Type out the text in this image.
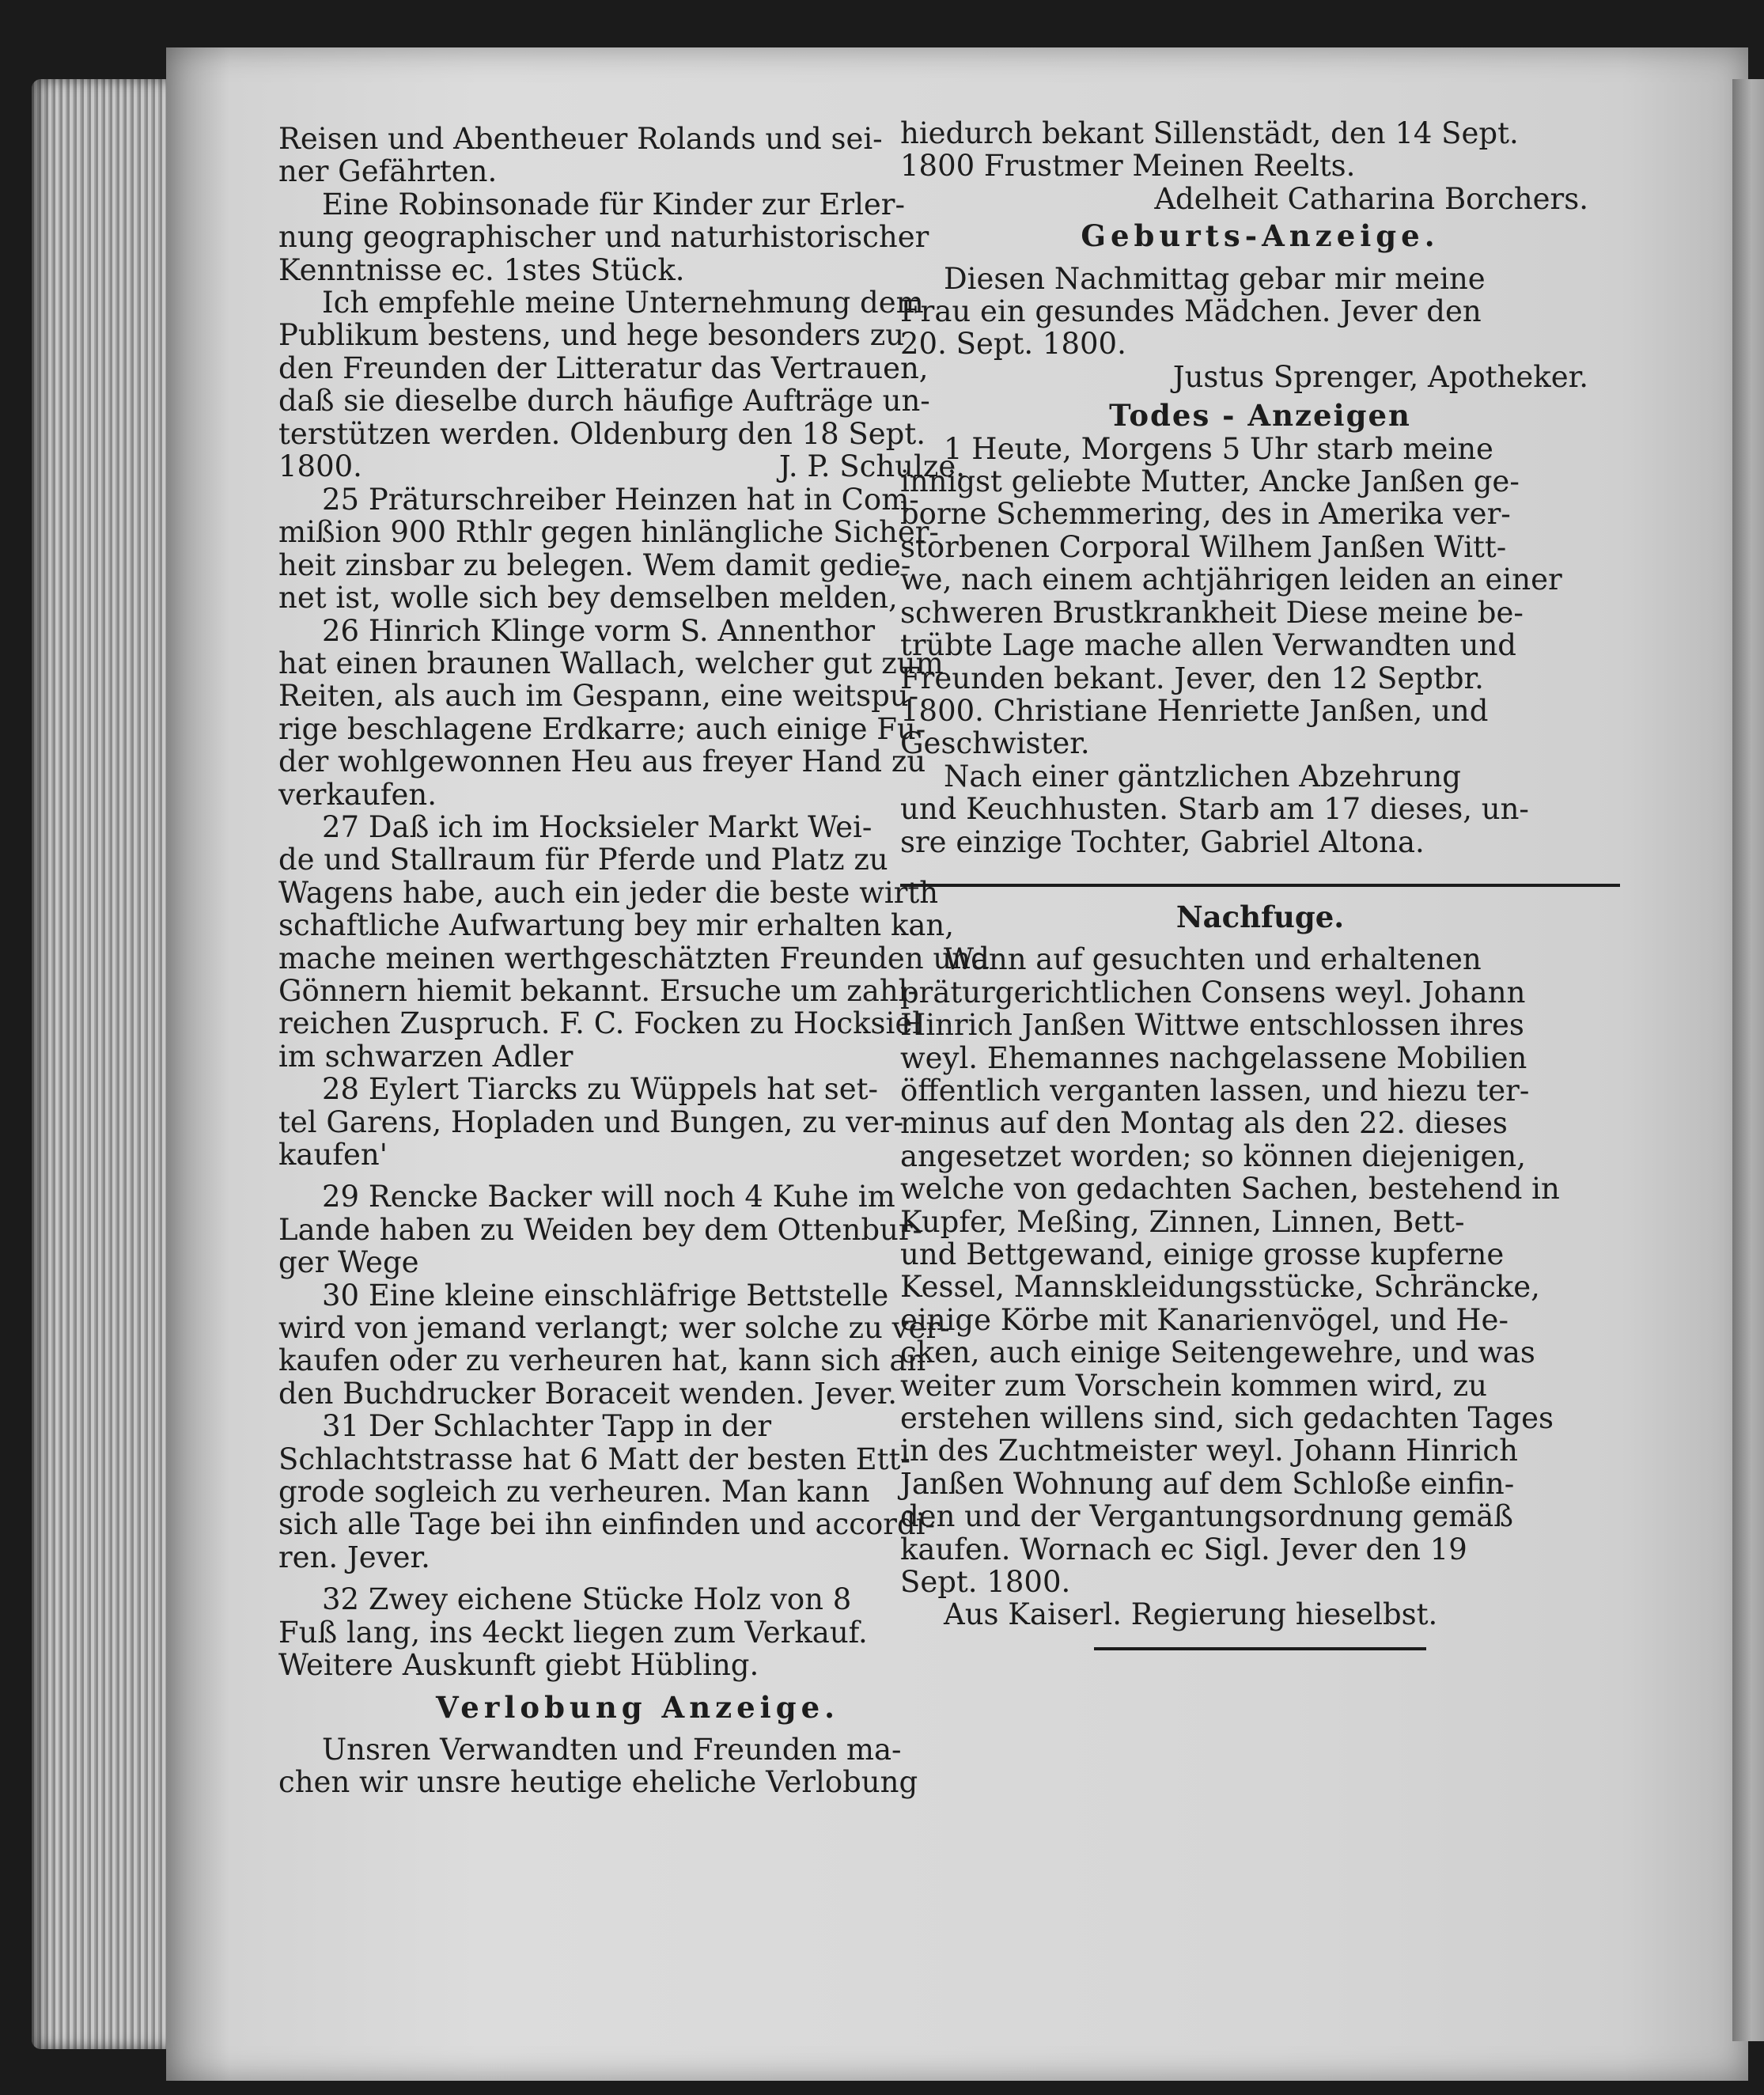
Reisen und Abentheuer Rolands und sei-
ner Gefährten.
Eine Robinsonade für Kinder zur Erler-
nung geographischer und naturhistorischer
Kenntnisse ec. 1stes Stück.
Ich empfehle meine Unternehmung dem
Publikum bestens, und hege besonders zu
den Freunden der Litteratur das Vertrauen,
daß sie dieselbe durch häufige Aufträge un-
terstützen werden. Oldenburg den 18 Sept.
1800.	J. P. Schulze.
25 Präturschreiber Heinzen hat in Com-
mißion 900 Rthlr gegen hinlängliche Sicher-
heit zinsbar zu belegen. Wem damit gedie-
net ist, wolle sich bey demselben melden,
26 Hinrich Klinge vorm S. Annenthor
hat einen braunen Wallach, welcher gut zum
Reiten, als auch im Gespann, eine weitspu-
rige beschlagene Erdkarre; auch einige Fu-
der wohlgewonnen Heu aus freyer Hand zu
verkaufen.
27 Daß ich im Hocksieler Markt Wei-
de und Stallraum für Pferde und Platz zu
Wagens habe, auch ein jeder die beste wirth
schaftliche Aufwartung bey mir erhalten kan,
mache meinen werthgeschätzten Freunden und
Gönnern hiemit bekannt. Ersuche um zahl-
reichen Zuspruch. F. C. Focken zu Hocksiel
im schwarzen Adler
28 Eylert Tiarcks zu Wüppels hat set-
tel Garens, Hopladen und Bungen, zu ver-
kaufen'
29 Rencke Backer will noch 4 Kuhe im
Lande haben zu Weiden bey dem Ottenbur-
ger Wege
30 Eine kleine einschläfrige Bettstelle
wird von jemand verlangt; wer solche zu ver-
kaufen oder zu verheuren hat, kann sich an
den Buchdrucker Boraceit wenden. Jever.
31 Der Schlachter Tapp in der
Schlachtstrasse hat 6 Matt der besten Ett-
grode sogleich zu verheuren. Man kann
sich alle Tage bei ihn einfinden und accordi-
ren. Jever.
32 Zwey eichene Stücke Holz von 8
Fuß lang, ins 4eckt liegen zum Verkauf.
Weitere Auskunft giebt Hübling.

Verlobung Anzeige.

Unsren Verwandten und Freunden ma-
chen wir unsre heutige eheliche Verlobung
hiedurch bekant Sillenstädt, den 14 Sept.
1800 Frustmer Meinen Reelts.
Adelheit Catharina Borchers.

Geburts-Anzeige.

Diesen Nachmittag gebar mir meine
Frau ein gesundes Mädchen. Jever den
20. Sept. 1800.
Justus Sprenger, Apotheker.

Todes - Anzeigen

1 Heute, Morgens 5 Uhr starb meine
innigst geliebte Mutter, Ancke Janßen ge-
borne Schemmering, des in Amerika ver-
storbenen Corporal Wilhem Janßen Witt-
we, nach einem achtjährigen leiden an einer
schweren Brustkrankheit Diese meine be-
trübte Lage mache allen Verwandten und
Freunden bekant. Jever, den 12 Septbr.
1800. Christiane Henriette Janßen, und
Geschwister.
Nach einer gäntzlichen Abzehrung
und Keuchhusten. Starb am 17 dieses, un-
sre einzige Tochter, Gabriel Altona.

Nachfuge.

Wann auf gesuchten und erhaltenen
präturgerichtlichen Consens weyl. Johann
Hinrich Janßen Wittwe entschlossen ihres
weyl. Ehemannes nachgelassene Mobilien
öffentlich verganten lassen, und hiezu ter-
minus auf den Montag als den 22. dieses
angesetzet worden; so können diejenigen,
welche von gedachten Sachen, bestehend in
Kupfer, Meßing, Zinnen, Linnen, Bett-
und Bettgewand, einige grosse kupferne
Kessel, Mannskleidungsstücke, Schräncke,
einige Körbe mit Kanarienvögel, und He-
cken, auch einige Seitengewehre, und was
weiter zum Vorschein kommen wird, zu
erstehen willens sind, sich gedachten Tages
in des Zuchtmeister weyl. Johann Hinrich
Janßen Wohnung auf dem Schloße einfin-
den und der Vergantungsordnung gemäß
kaufen. Wornach ec Sigl. Jever den 19
Sept. 1800.

Aus Kaiserl. Regierung hieselbst.
